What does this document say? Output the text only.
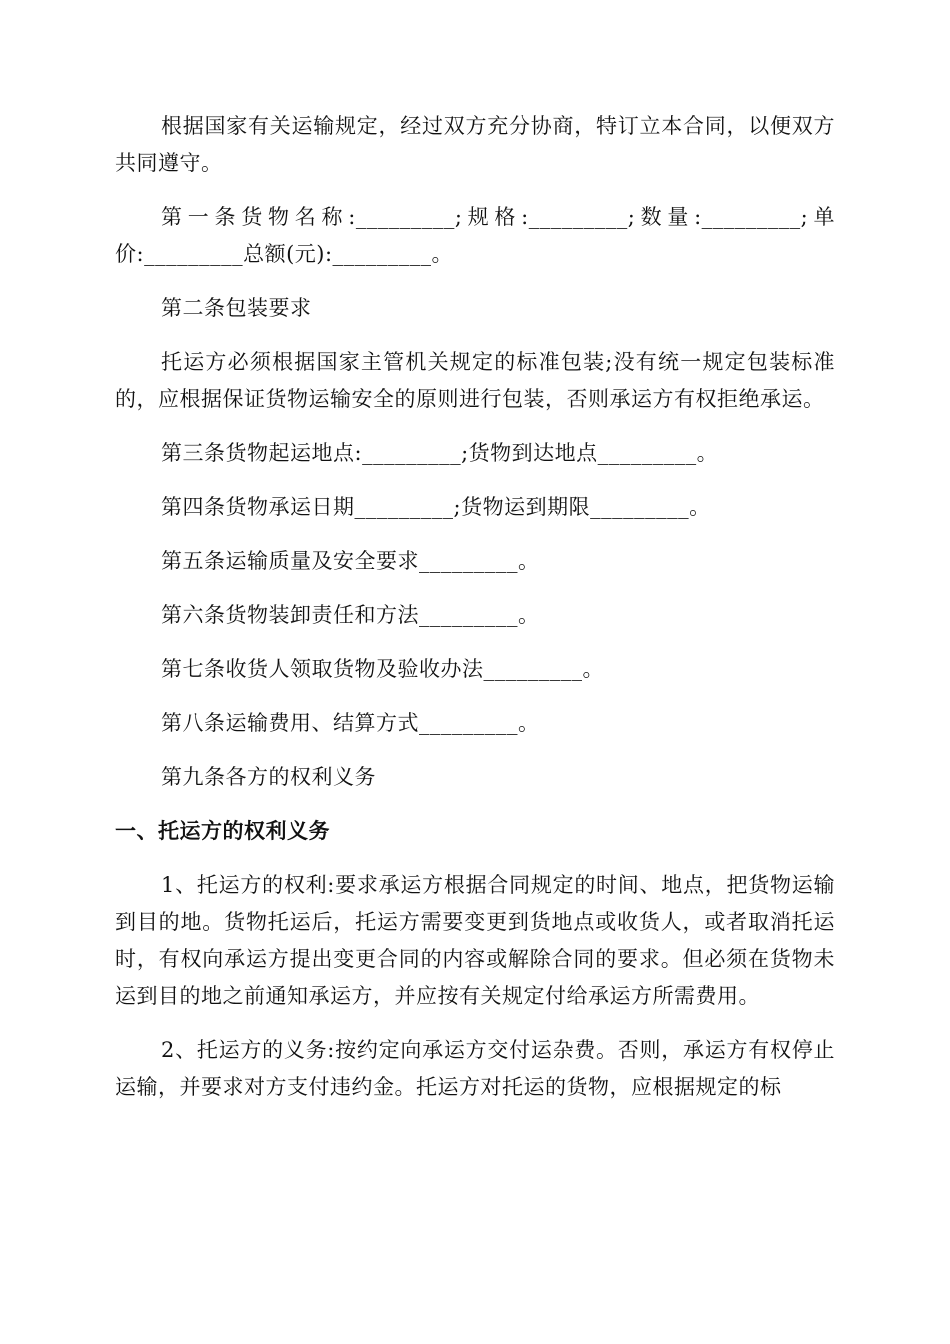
根据国家有关运输规定，经过双方充分协商，特订立本合同，以便双方共同遵守。

第一条货物名称:_________;规格:_________;数量:_________;单价:_________总额(元):_________。

第二条包装要求

托运方必须根据国家主管机关规定的标准包装;没有统一规定包装标准的，应根据保证货物运输安全的原则进行包装，否则承运方有权拒绝承运。

第三条货物起运地点:_________;货物到达地点_________。

第四条货物承运日期_________;货物运到期限_________。

第五条运输质量及安全要求_________。

第六条货物装卸责任和方法_________。

第七条收货人领取货物及验收办法_________。

第八条运输费用、结算方式_________。

第九条各方的权利义务

一、托运方的权利义务

1、托运方的权利:要求承运方根据合同规定的时间、地点，把货物运输到目的地。货物托运后，托运方需要变更到货地点或收货人，或者取消托运时，有权向承运方提出变更合同的内容或解除合同的要求。但必须在货物未运到目的地之前通知承运方，并应按有关规定付给承运方所需费用。

2、托运方的义务:按约定向承运方交付运杂费。否则，承运方有权停止运输，并要求对方支付违约金。托运方对托运的货物，应根据规定的标
